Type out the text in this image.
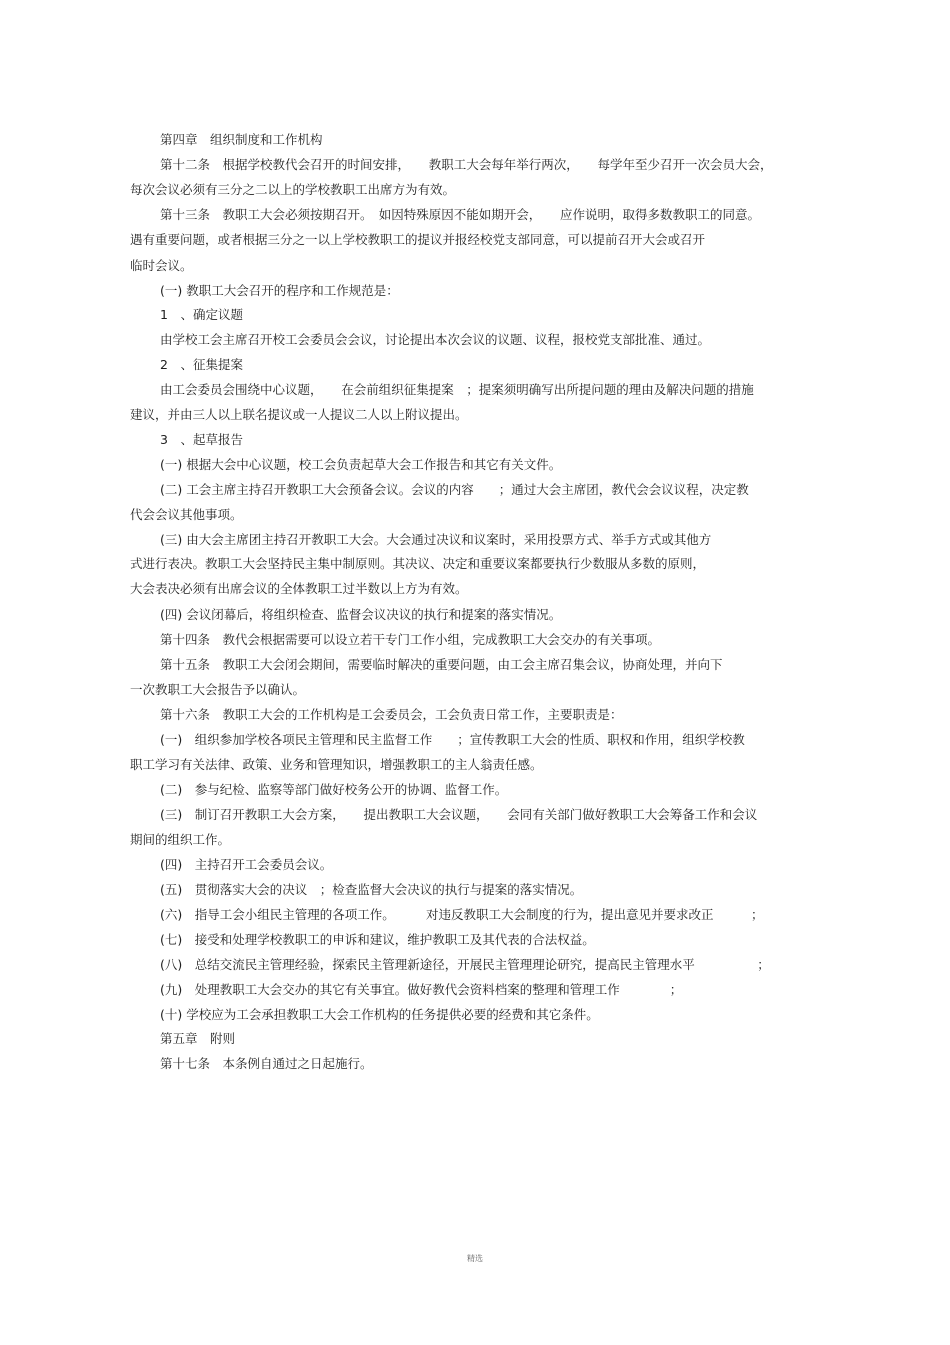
第四章　组织制度和工作机构
第十二条　根据学校教代会召开的时间安排，　　教职工大会每年举行两次，　　每学年至少召开一次会员大会，
每次会议必须有三分之二以上的学校教职工出席方为有效。
第十三条　教职工大会必须按期召开。　如因特殊原因不能如期开会，　　应作说明，取得多数教职工的同意。
遇有重要问题，或者根据三分之一以上学校教职工的提议并报经校党支部同意，可以提前召开大会或召开
临时会议。
(一) 教职工大会召开的程序和工作规范是：
1　、确定议题
由学校工会主席召开校工会委员会会议，讨论提出本次会议的议题、议程，报校党支部批准、通过。
2　、征集提案
由工会委员会围绕中心议题，　　在会前组织征集提案　；提案须明确写出所提问题的理由及解决问题的措施
建议，并由三人以上联名提议或一人提议二人以上附议提出。
3　、起草报告
(一) 根据大会中心议题，校工会负责起草大会工作报告和其它有关文件。
(二) 工会主席主持召开教职工大会预备会议。会议的内容　　；通过大会主席团，教代会会议议程，决定教
代会会议其他事项。
(三) 由大会主席团主持召开教职工大会。大会通过决议和议案时，采用投票方式、举手方式或其他方
式进行表决。教职工大会坚持民主集中制原则。其决议、决定和重要议案都要执行少数服从多数的原则，
大会表决必须有出席会议的全体教职工过半数以上方为有效。
(四) 会议闭幕后，将组织检查、监督会议决议的执行和提案的落实情况。
第十四条　教代会根据需要可以设立若干专门工作小组，完成教职工大会交办的有关事项。
第十五条　教职工大会闭会期间，需要临时解决的重要问题，由工会主席召集会议，协商处理，并向下
一次教职工大会报告予以确认。
第十六条　教职工大会的工作机构是工会委员会，工会负责日常工作，主要职责是：
(一)　组织参加学校各项民主管理和民主监督工作　　；宣传教职工大会的性质、职权和作用，组织学校教
职工学习有关法律、政策、业务和管理知识，增强教职工的主人翁责任感。
(二)　参与纪检、监察等部门做好校务公开的协调、监督工作。
(三)　制订召开教职工大会方案，　　提出教职工大会议题，　　会同有关部门做好教职工大会筹备工作和会议
期间的组织工作。
(四)　主持召开工会委员会议。
(五)　贯彻落实大会的决议　；检查监督大会决议的执行与提案的落实情况。
(六)　指导工会小组民主管理的各项工作。　　　对违反教职工大会制度的行为，提出意见并要求改正　　　；
(七)　接受和处理学校教职工的申诉和建议，维护教职工及其代表的合法权益。
(八)　总结交流民主管理经验，探索民主管理新途径，开展民主管理理论研究，提高民主管理水平　　　　　；
(九)　处理教职工大会交办的其它有关事宜。做好教代会资料档案的整理和管理工作　　　　；
(十) 学校应为工会承担教职工大会工作机构的任务提供必要的经费和其它条件。
第五章　附则
第十七条　本条例自通过之日起施行。
精选
